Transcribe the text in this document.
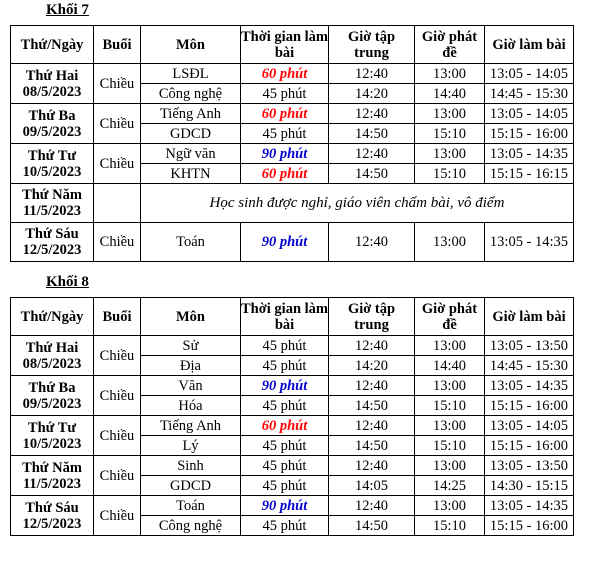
Khối 7
Thứ/Ngày	Buổi	Môn	Thời gian làm bài	Giờ tập trung	Giờ phát đề	Giờ làm bài
Thứ Hai
08/5/2023	Chiều	LSĐL	60 phút	12:40	13:00	13:05 - 14:05
		Công nghệ	45 phút	14:20	14:40	14:45 - 15:30
Thứ Ba
09/5/2023	Chiều	Tiếng Anh	60 phút	12:40	13:00	13:05 - 14:05
		GDCD	45 phút	14:50	15:10	15:15 - 16:00
Thứ Tư
10/5/2023	Chiều	Ngữ văn	90 phút	12:40	13:00	13:05 - 14:35
		KHTN	60 phút	14:50	15:10	15:15 - 16:15
Thứ Năm
11/5/2023		Học sinh được nghỉ, giáo viên chấm bài, vô điểm				
Thứ Sáu
12/5/2023	Chiều	Toán	90 phút	12:40	13:00	13:05 - 14:35
Khối 8
Thứ/Ngày	Buổi	Môn	Thời gian làm bài	Giờ tập trung	Giờ phát đề	Giờ làm bài
Thứ Hai
08/5/2023	Chiều	Sử	45 phút	12:40	13:00	13:05 - 13:50
		Địa	45 phút	14:20	14:40	14:45 - 15:30
Thứ Ba
09/5/2023	Chiều	Văn	90 phút	12:40	13:00	13:05 - 14:35
		Hóa	45 phút	14:50	15:10	15:15 - 16:00
Thứ Tư
10/5/2023	Chiều	Tiếng Anh	60 phút	12:40	13:00	13:05 - 14:05
		Lý	45 phút	14:50	15:10	15:15 - 16:00
Thứ Năm
11/5/2023	Chiều	Sinh	45 phút	12:40	13:00	13:05 - 13:50
		GDCD	45 phút	14:05	14:25	14:30 - 15:15
Thứ Sáu
12/5/2023	Chiều	Toán	90 phút	12:40	13:00	13:05 - 14:35
		Công nghệ	45 phút	14:50	15:10	15:15 - 16:00
